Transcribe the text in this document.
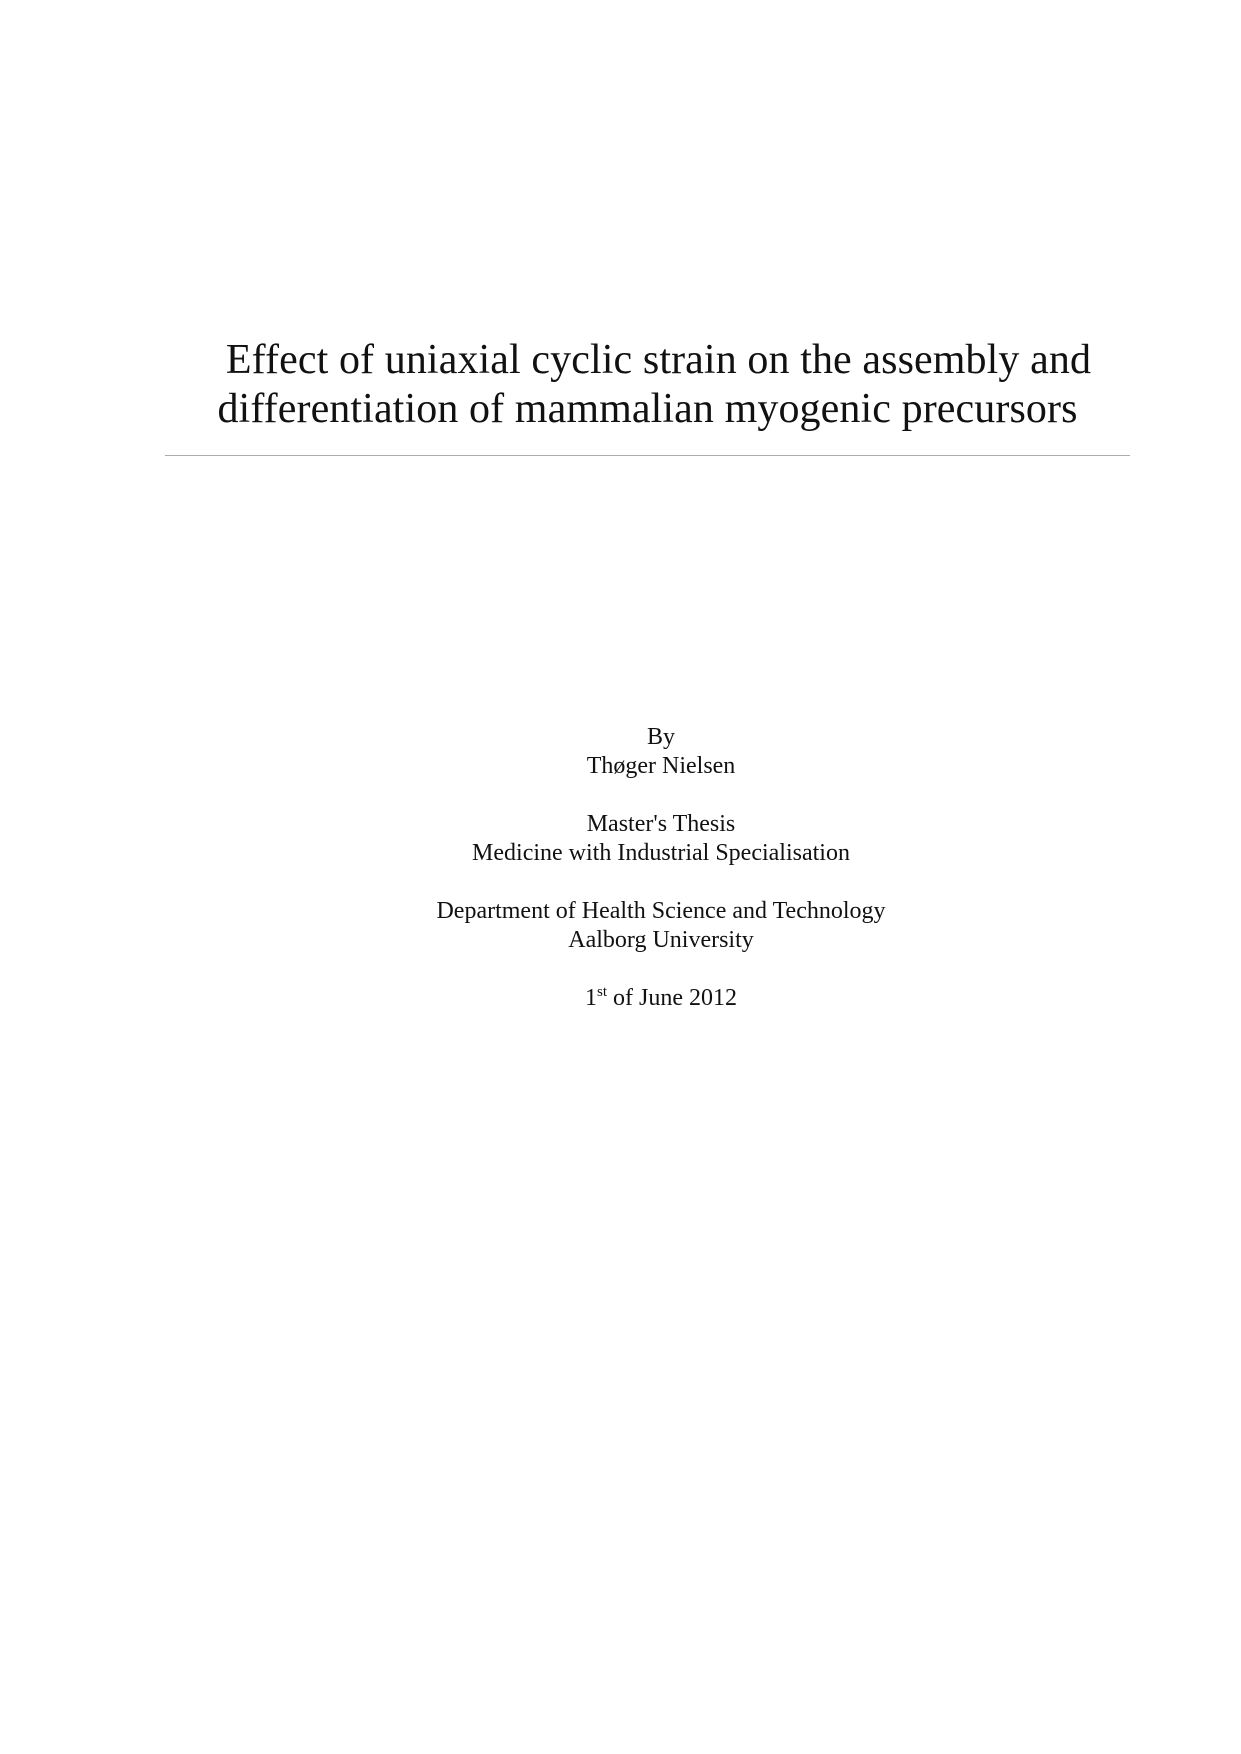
Effect of uniaxial cyclic strain on the assembly and
differentiation of mammalian myogenic precursors
By
Thøger Nielsen
Master's Thesis
Medicine with Industrial Specialisation
Department of Health Science and Technology
Aalborg University
1st of June 2012
